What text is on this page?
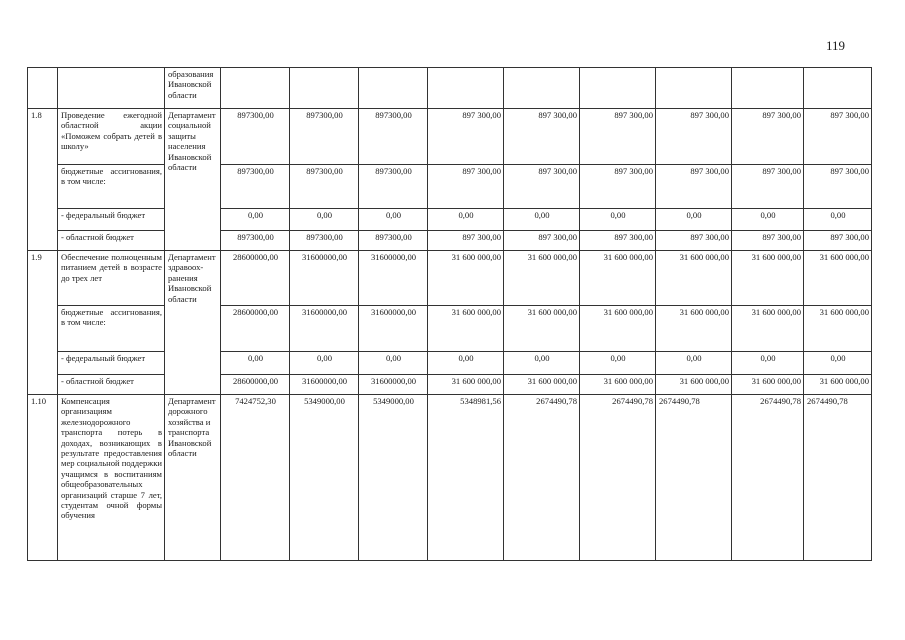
119
		образования Ивановской области									
1.8	Проведение ежегодной областной акции «Поможем собрать детей в школу»	Департамент социальной защиты населения Ивановской области	897300,00	897300,00	897300,00	897 300,00	897 300,00	897 300,00	897 300,00	897 300,00	897 300,00
	бюджетные ассигнования, в том числе:		897300,00	897300,00	897300,00	897 300,00	897 300,00	897 300,00	897 300,00	897 300,00	897 300,00
	- федеральный бюджет		0,00	0,00	0,00	0,00	0,00	0,00	0,00	0,00	0,00
	- областной бюджет		897300,00	897300,00	897300,00	897 300,00	897 300,00	897 300,00	897 300,00	897 300,00	897 300,00
1.9	Обеспечение полноценным питанием детей в возрасте до трех лет	Департамент здравоох-ранения Ивановской области	28600000,00	31600000,00	31600000,00	31 600 000,00	31 600 000,00	31 600 000,00	31 600 000,00	31 600 000,00	31 600 000,00
	бюджетные ассигнования, в том числе:		28600000,00	31600000,00	31600000,00	31 600 000,00	31 600 000,00	31 600 000,00	31 600 000,00	31 600 000,00	31 600 000,00
	- федеральный бюджет		0,00	0,00	0,00	0,00	0,00	0,00	0,00	0,00	0,00
	- областной бюджет		28600000,00	31600000,00	31600000,00	31 600 000,00	31 600 000,00	31 600 000,00	31 600 000,00	31 600 000,00	31 600 000,00
1.10	Компенсация организациям железнодорожного транспорта потерь в доходах, возникающих в результате предоставления мер социальной поддержки учащимся в воспитаниям общеобразовательных организаций старше 7 лет, студентам очной формы обучения	Департамент дорожного хозяйства и транспорта Ивановской области	7424752,30	5349000,00	5349000,00	5348981,56	2674490,78	2674490,78	2674490,78	2674490,78	2674490,78
